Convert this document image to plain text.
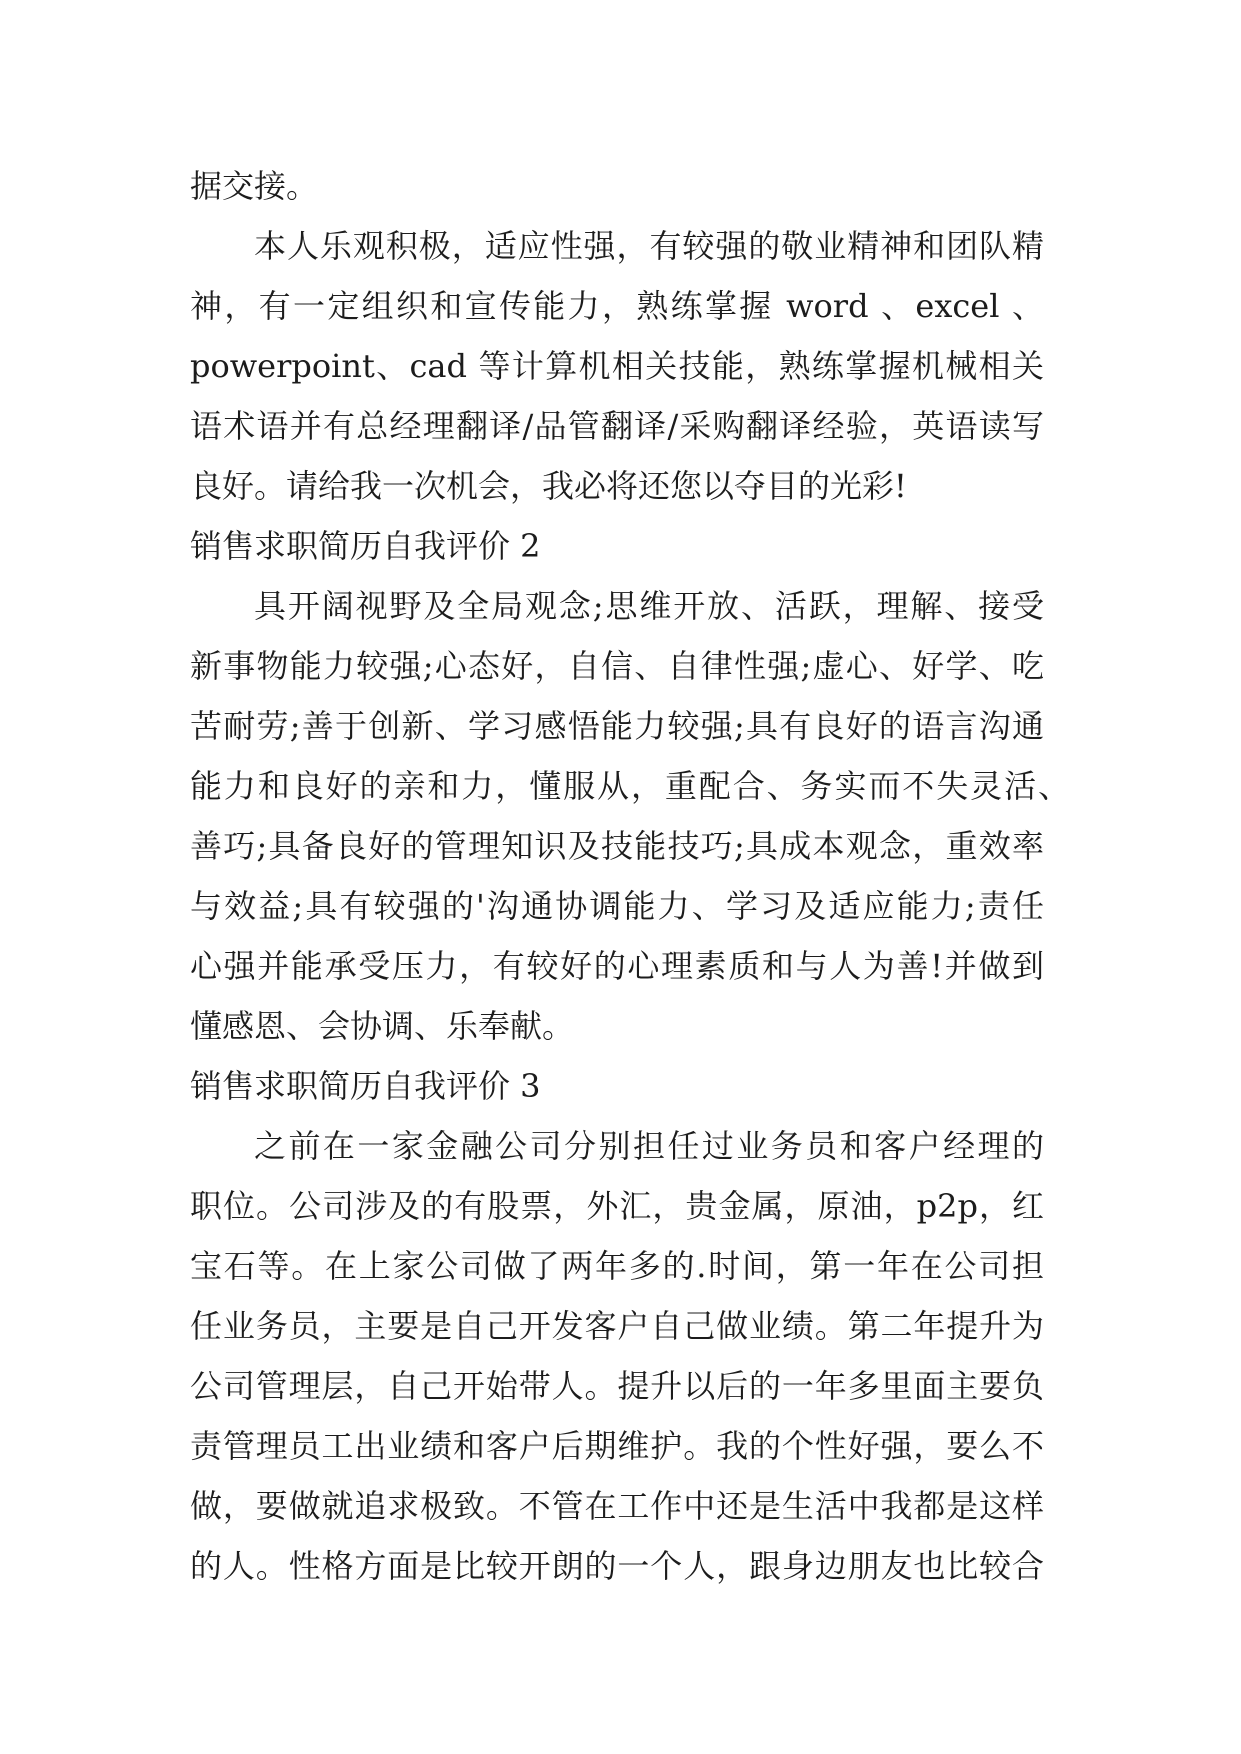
据交接。

本人乐观积极，适应性强，有较强的敬业精神和团队精

神，有一定组织和宣传能力，熟练掌握 word 、excel 、

powerpoint、cad 等计算机相关技能，熟练掌握机械相关

语术语并有总经理翻译/品管翻译/采购翻译经验，英语读写

良好。请给我一次机会，我必将还您以夺目的光彩!

销售求职简历自我评价 2

具开阔视野及全局观念;思维开放、活跃，理解、接受

新事物能力较强;心态好，自信、自律性强;虚心、好学、吃

苦耐劳;善于创新、学习感悟能力较强;具有良好的语言沟通

能力和良好的亲和力，懂服从，重配合、务实而不失灵活、

善巧;具备良好的管理知识及技能技巧;具成本观念，重效率

与效益;具有较强的'沟通协调能力、学习及适应能力;责任

心强并能承受压力，有较好的心理素质和与人为善!并做到

懂感恩、会协调、乐奉献。

销售求职简历自我评价 3

之前在一家金融公司分别担任过业务员和客户经理的

职位。公司涉及的有股票，外汇，贵金属，原油，p2p，红

宝石等。在上家公司做了两年多的.时间，第一年在公司担

任业务员，主要是自己开发客户自己做业绩。第二年提升为

公司管理层，自己开始带人。提升以后的一年多里面主要负

责管理员工出业绩和客户后期维护。我的个性好强，要么不

做，要做就追求极致。不管在工作中还是生活中我都是这样

的人。性格方面是比较开朗的一个人，跟身边朋友也比较合
